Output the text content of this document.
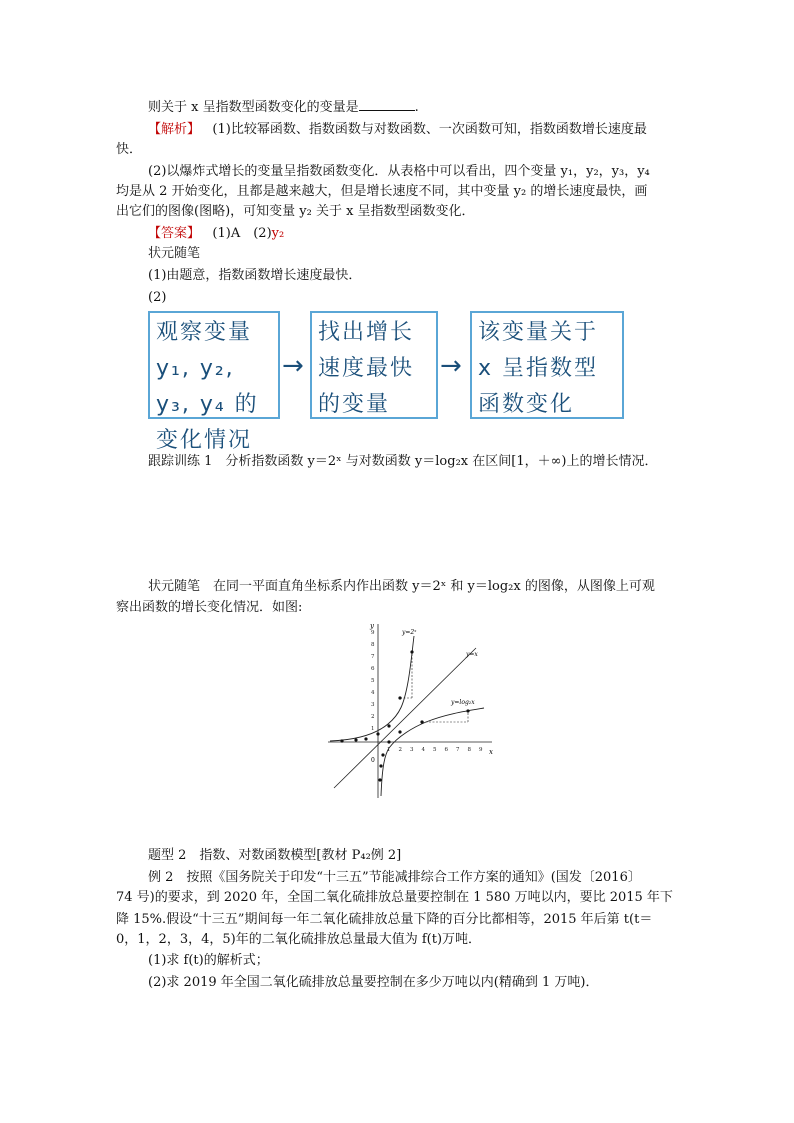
则关于 x 呈指数型函数变化的变量是	.
【解析】 (1)比较幂函数、指数函数与对数函数、一次函数可知，指数函数增长速度最
快．
(2)以爆炸式增长的变量呈指数函数变化．从表格中可以看出，四个变量 y₁，y₂，y₃，y₄
均是从 2 开始变化，且都是越来越大，但是增长速度不同，其中变量 y₂ 的增长速度最快，画
出它们的图像(图略)，可知变量 y₂ 关于 x 呈指数型函数变化．
【答案】 (1)A　(2)y₂
状元随笔
(1)由题意，指数函数增长速度最快．
(2)
观察变量 y₁, y₂, y₃, y₄ 的变化情况
→
找出增长速度最快的变量
→
该变量关于 x 呈指数型函数变化
跟踪训练 1　分析指数函数 y＝2ˣ 与对数函数 y＝log₂x 在区间[1，＋∞)上的增长情况．
状元随笔　在同一平面直角坐标系内作出函数 y＝2ˣ 和 y＝log₂x 的图像，从图像上可观
察出函数的增长变化情况．如图:
x
y
0
9
8
7
6
5
4
3
2
1
1 2 3 4 5 6 7 8 9
y=2ˣ
y=x
y=log₂x
题型 2　指数、对数函数模型[教材 P₄₂例 2]
例 2　按照《国务院关于印发“十三五”节能减排综合工作方案的通知》(国发〔2016〕
74 号)的要求，到 2020 年，全国二氧化硫排放总量要控制在 1 580 万吨以内，要比 2015 年下
降 15%.假设“十三五”期间每一年二氧化硫排放总量下降的百分比都相等，2015 年后第 t(t＝
0，1，2，3，4，5)年的二氧化硫排放总量最大值为 f(t)万吨．
(1)求 f(t)的解析式；
(2)求 2019 年全国二氧化硫排放总量要控制在多少万吨以内(精确到 1 万吨)．
